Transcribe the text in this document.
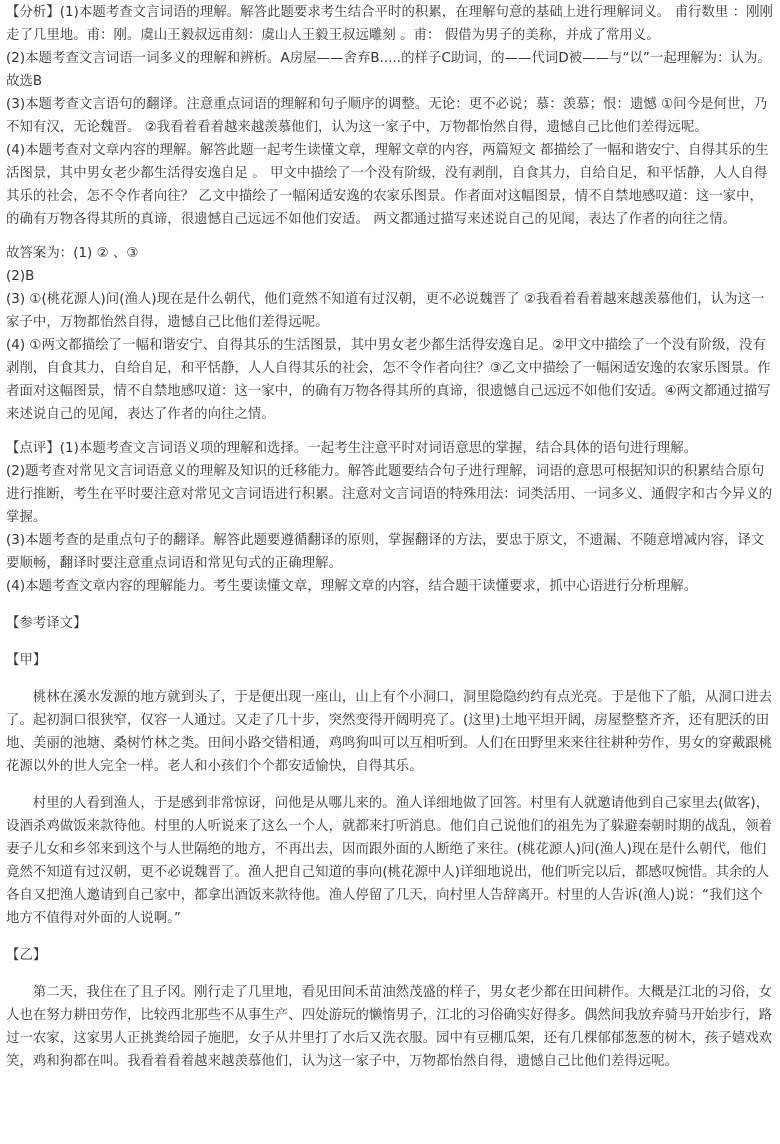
【分析】(1)本题考查文言词语的理解。解答此题要求考生结合平时的积累，在理解句意的基础上进行理解词义。 甫行数里 ：刚刚走了几里地。甫：刚。虞山王毅叔远甫刻：虞山人王毅王叔远雕刻 。甫： 假借为男子的美称，并成了常用义。

(2)本题考查文言词语一词多义的理解和辨析。A房屋——舍弃B.....的样子C助词，的——代词D被——与“以”一起理解为：认为。故选B

(3)本题考查文言语句的翻译。注意重点词语的理解和句子顺序的调整。无论：更不必说；慕：羡慕；恨：遗憾 ①问今是何世，乃不知有汉，无论魏晋。 ②我看着看着越来越羡慕他们，认为这一家子中，万物都怡然自得，遗憾自己比他们差得远呢。

(4)本题考查对文章内容的理解。解答此题一起考生读懂文章，理解文章的内容，两篇短文 都描绘了一幅和谐安宁、自得其乐的生活图景，其中男女老少都生活得安逸自足 。 甲文中描绘了一个没有阶级，没有剥削，自食其力，自给自足，和平恬静，人人自得其乐的社会，怎不令作者向往？ 乙文中描绘了一幅闲适安逸的农家乐图景。作者面对这幅图景，情不自禁地感叹道：这一家中，的确有万物各得其所的真谛，很遗憾自己远远不如他们安适。 两文都通过描写来述说自己的见闻，表达了作者的向往之情。

故答案为：(1) ② 、③

(2)B

(3) ①(桃花源人)问(渔人)现在是什么朝代，他们竟然不知道有过汉朝，更不必说魏晋了 ②我看着看着越来越羡慕他们，认为这一家子中，万物都怡然自得，遗憾自己比他们差得远呢。

(4) ①两文都描绘了一幅和谐安宁、自得其乐的生活图景，其中男女老少都生活得安逸自足。②甲文中描绘了一个没有阶级，没有剥削，自食其力，自给自足，和平恬静，人人自得其乐的社会，怎不令作者向往？③乙文中描绘了一幅闲适安逸的农家乐图景。作者面对这幅图景，情不自禁地感叹道：这一家中，的确有万物各得其所的真谛，很遗憾自己远远不如他们安适。④两文都通过描写来述说自己的见闻，表达了作者的向往之情。

【点评】(1)本题考查文言词语义项的理解和选择。一起考生注意平时对词语意思的掌握，结合具体的语句进行理解。

(2)题考查对常见文言词语意义的理解及知识的迁移能力。解答此题要结合句子进行理解，词语的意思可根据知识的积累结合原句进行推断，考生在平时要注意对常见文言词语进行积累。注意对文言词语的特殊用法：词类活用、一词多义、通假字和古今异义的掌握。

(3)本题考查的是重点句子的翻译。解答此题要遵循翻译的原则，掌握翻译的方法，要忠于原文，不遗漏、不随意增减内容，译文要顺畅，翻译时要注意重点词语和常见句式的正确理解。

(4)本题考查文章内容的理解能力。考生要读懂文章，理解文章的内容，结合题干读懂要求，抓中心语进行分析理解。

【参考译文】

【甲】

桃林在溪水发源的地方就到头了，于是便出现一座山，山上有个小洞口，洞里隐隐约约有点光亮。于是他下了船，从洞口进去了。起初洞口很狭窄，仅容一人通过。又走了几十步，突然变得开阔明亮了。(这里)土地平坦开阔，房屋整整齐齐，还有肥沃的田地、美丽的池塘、桑树竹林之类。田间小路交错相通，鸡鸣狗叫可以互相听到。人们在田野里来来往往耕种劳作，男女的穿戴跟桃花源以外的世人完全一样。老人和小孩们个个都安适愉快，自得其乐。

村里的人看到渔人，于是感到非常惊讶，问他是从哪儿来的。渔人详细地做了回答。村里有人就邀请他到自己家里去(做客)，设酒杀鸡做饭来款待他。村里的人听说来了这么一个人，就都来打听消息。他们自己说他们的祖先为了躲避秦朝时期的战乱，领着妻子儿女和乡邻来到这个与人世隔绝的地方，不再出去，因而跟外面的人断绝了来往。(桃花源人)问(渔人)现在是什么朝代，他们竟然不知道有过汉朝，更不必说魏晋了。渔人把自己知道的事向(桃花源中人)详细地说出，他们听完以后，都感叹惋惜。其余的人各自又把渔人邀请到自己家中，都拿出酒饭来款待他。渔人停留了几天，向村里人告辞离开。村里的人告诉(渔人)说：“我们这个地方不值得对外面的人说啊。”

【乙】

第二天，我住在了且子冈。刚行走了几里地，看见田间禾苗油然茂盛的样子，男女老少都在田间耕作。大概是江北的习俗，女人也在努力耕田劳作，比较西北那些不从事生产、四处游玩的懒惰男子，江北的习俗确实好得多。偶然间我放弃骑马开始步行，路过一农家，这家男人正挑粪给园子施肥，女子从井里打了水后又洗衣服。园中有豆棚瓜架，还有几棵郁郁葱葱的树木，孩子嬉戏欢笑，鸡和狗都在叫。我看着看着越来越羡慕他们，认为这一家子中，万物都怡然自得，遗憾自己比他们差得远呢。
